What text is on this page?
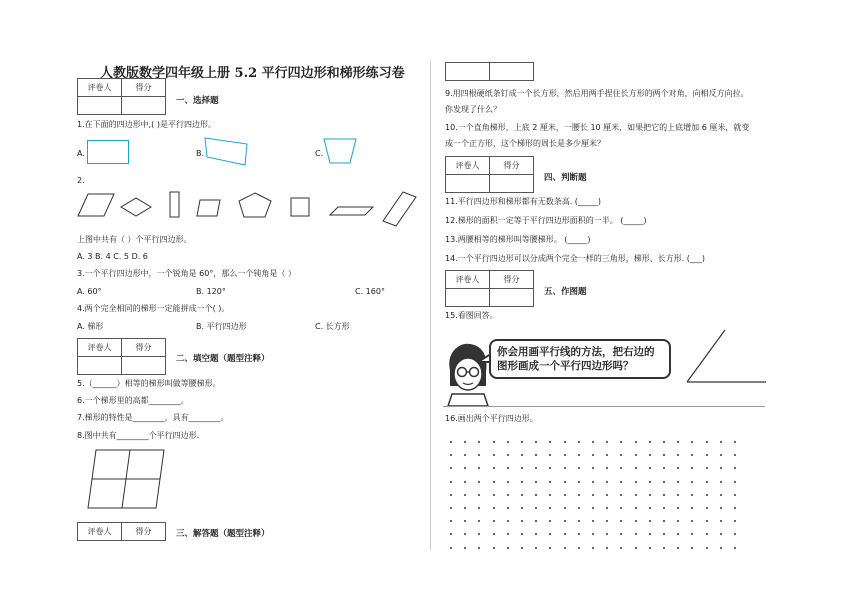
人教版数学四年级上册 5.2 平行四边形和梯形练习卷
评卷人	得分

一、选择题
1.在下面的四边形中,( )是平行四边形。
A.	B.	C.
2.
上图中共有（ ）个平行四边形。
A. 3 B. 4 C. 5 D. 6
3.一个平行四边形中，一个锐角是 60°，那么一个钝角是（ ）
A. 60°	B. 120°	C. 160°
4.两个完全相同的梯形一定能拼成一个( )。
A. 梯形	B. 平行四边形	C. 长方形
评卷人	得分

二、填空题（题型注释）
5.（______）相等的梯形叫做等腰梯形。
6.一个梯形里的高都________。
7.梯形的特性是________，具有________。
8.图中共有________个平行四边形.
评卷人	得分	三、解答题（题型注释）

9.用四根硬纸条钉成一个长方形，然后用两手捏住长方形的两个对角，向相反方向拉。
你发现了什么？
10.一个直角梯形，上底 2 厘米，一腰长 10 厘米，如果把它的上底增加 6 厘米，就变
成一个正方形，这个梯形的周长是多少厘米？
评卷人	得分

四、判断题
11.平行四边形和梯形都有无数条高. (_____)
12.梯形的面积一定等于平行四边形面积的一半。 (_____)
13.两腰相等的梯形叫等腰梯形。 (_____)
14.一个平行四边形可以分成两个完全一样的三角形，梯形、长方形. (___)
评卷人	得分

五、作图题
15.看图回答。
你会用画平行线的方法，把右边的
图形画成一个平行四边形吗？
16.画出两个平行四边形。
